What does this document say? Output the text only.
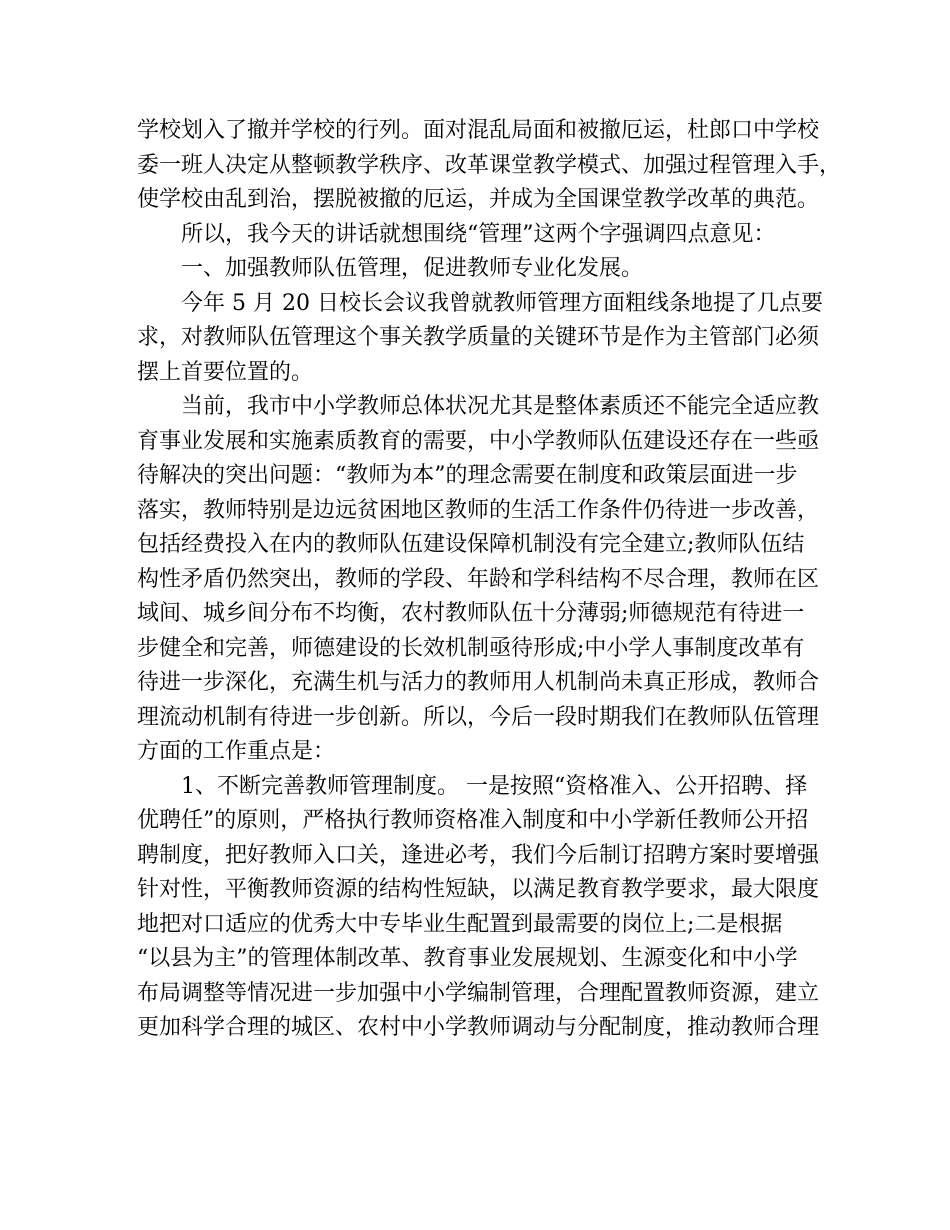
学校划入了撤并学校的行列。面对混乱局面和被撤厄运，杜郎口中学校
委一班人决定从整顿教学秩序、改革课堂教学模式、加强过程管理入手，
使学校由乱到治，摆脱被撤的厄运，并成为全国课堂教学改革的典范。
所以，我今天的讲话就想围绕“管理”这两个字强调四点意见：
一、加强教师队伍管理，促进教师专业化发展。
今年 5 月 20 日校长会议我曾就教师管理方面粗线条地提了几点要
求，对教师队伍管理这个事关教学质量的关键环节是作为主管部门必须
摆上首要位置的。
当前，我市中小学教师总体状况尤其是整体素质还不能完全适应教
育事业发展和实施素质教育的需要，中小学教师队伍建设还存在一些亟
待解决的突出问题：“教师为本”的理念需要在制度和政策层面进一步
落实，教师特别是边远贫困地区教师的生活工作条件仍待进一步改善，
包括经费投入在内的教师队伍建设保障机制没有完全建立;教师队伍结
构性矛盾仍然突出，教师的学段、年龄和学科结构不尽合理，教师在区
域间、城乡间分布不均衡，农村教师队伍十分薄弱;师德规范有待进一
步健全和完善，师德建设的长效机制亟待形成;中小学人事制度改革有
待进一步深化，充满生机与活力的教师用人机制尚未真正形成，教师合
理流动机制有待进一步创新。所以，今后一段时期我们在教师队伍管理
方面的工作重点是：
1、不断完善教师管理制度。 一是按照“资格准入、公开招聘、择
优聘任”的原则，严格执行教师资格准入制度和中小学新任教师公开招
聘制度，把好教师入口关，逢进必考，我们今后制订招聘方案时要增强
针对性，平衡教师资源的结构性短缺，以满足教育教学要求，最大限度
地把对口适应的优秀大中专毕业生配置到最需要的岗位上;二是根据
“以县为主”的管理体制改革、教育事业发展规划、生源变化和中小学
布局调整等情况进一步加强中小学编制管理，合理配置教师资源，建立
更加科学合理的城区、农村中小学教师调动与分配制度，推动教师合理
